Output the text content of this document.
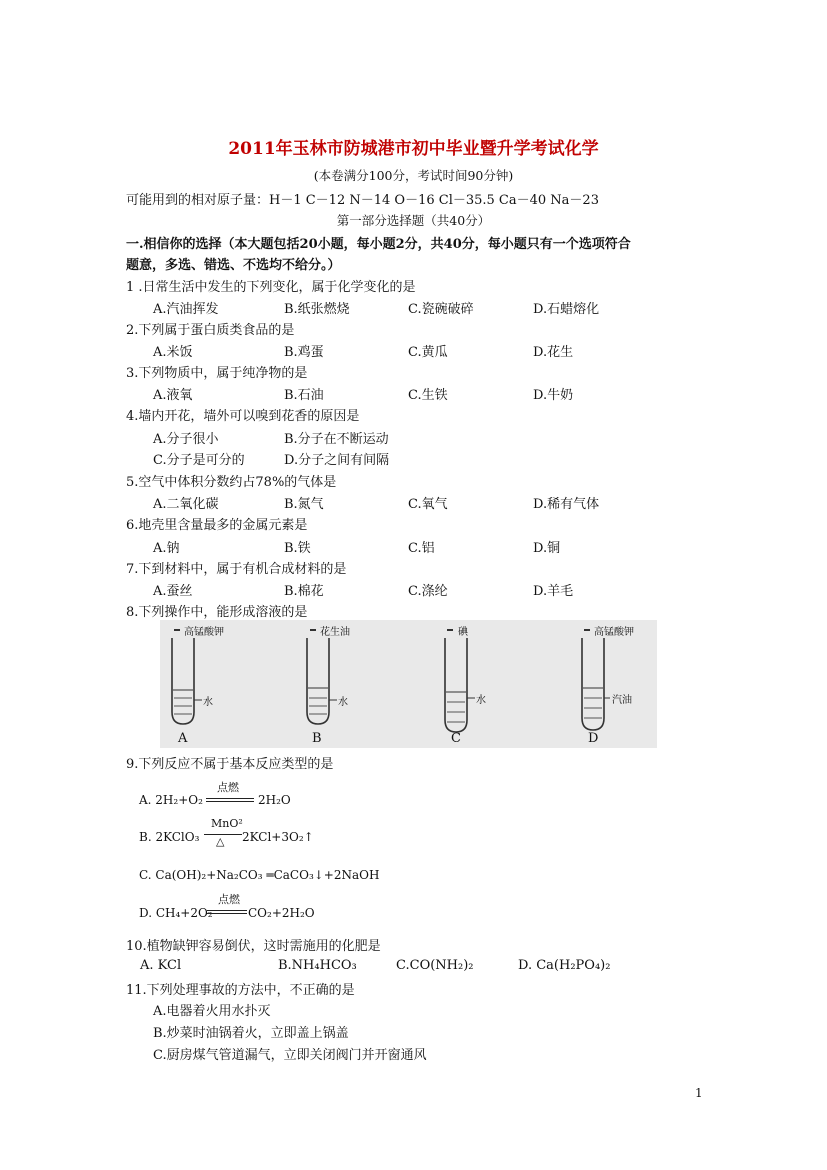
2011年玉林市防城港市初中毕业暨升学考试化学
(本卷满分100分，考试时间90分钟)
可能用到的相对原子量：H－1 C－12 N－14 O－16 Cl－35.5 Ca－40 Na－23
第一部分选择题（共40分）
一.相信你的选择（本大题包括20小题，每小题2分，共40分，每小题只有一个选项符合
题意，多选、错选、不选均不给分。）
1 .日常生活中发生的下列变化，属于化学变化的是
A.汽油挥发	B.纸张燃烧	C.瓷碗破碎	D.石蜡熔化
2.下列属于蛋白质类食品的是
A.米饭	B.鸡蛋	C.黄瓜	D.花生
3.下列物质中，属于纯净物的是
A.液氧	B.石油	C.生铁	D.牛奶
4.墙内开花，墙外可以嗅到花香的原因是
A.分子很小	B.分子在不断运动
C.分子是可分的	D.分子之间有间隔
5.空气中体积分数约占78%的气体是
A.二氧化碳	B.氮气	C.氧气	D.稀有气体
6.地壳里含量最多的金属元素是
A.钠	B.铁	C.铝	D.铜
7.下到材料中，属于有机合成材料的是
A.蚕丝	B.棉花	C.涤纶	D.羊毛
8.下列操作中，能形成溶液的是
高锰酸钾
水
A
花生油
水
B
碘
水
C
高锰酸钾
汽油
D
9.下列反应不属于基本反应类型的是
A. 2H₂+O₂
点燃
2H₂O
B. 2KClO₃
MnO²
△ 2KCl+3O₂↑
C. Ca(OH)₂+Na₂CO₃ ═CaCO₃↓+2NaOH
D. CH₄+2O₂
点燃
CO₂+2H₂O
10.植物缺钾容易倒伏，这时需施用的化肥是
A. KCl	B.NH₄HCO₃	C.CO(NH₂)₂	D. Ca(H₂PO₄)₂
11.下列处理事故的方法中，不正确的是
A.电器着火用水扑灭
B.炒菜时油锅着火，立即盖上锅盖
C.厨房煤气管道漏气，立即关闭阀门并开窗通风
1
